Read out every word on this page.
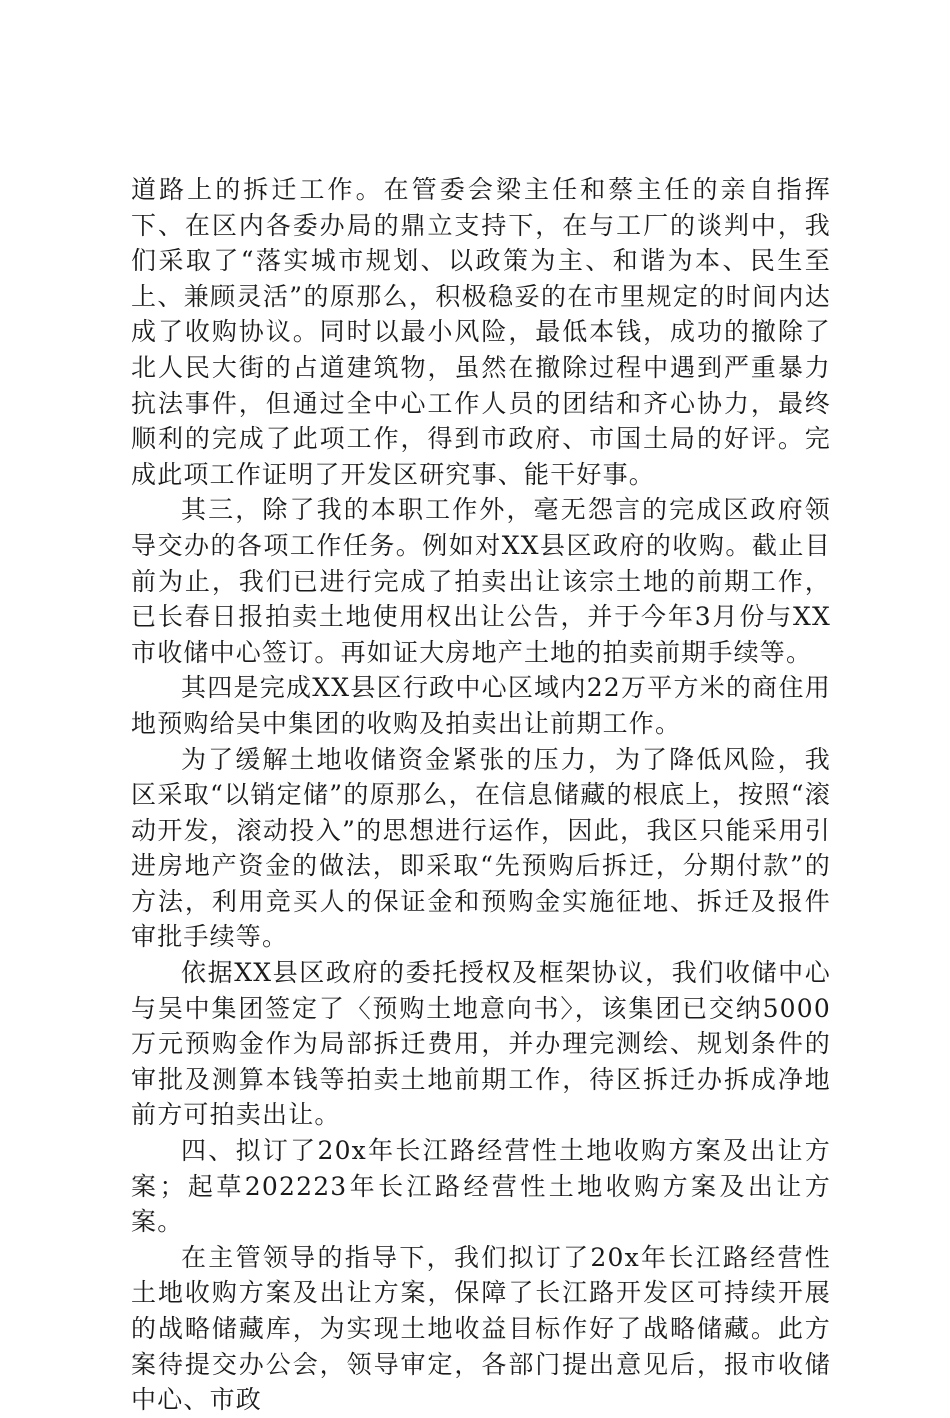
道路上的拆迁工作。在管委会梁主任和蔡主任的亲自指挥下、在区内各委办局的鼎立支持下，在与工厂的谈判中，我们采取了“落实城市规划、以政策为主、和谐为本、民生至上、兼顾灵活”的原那么，积极稳妥的在市里规定的时间内达成了收购协议。同时以最小风险，最低本钱，成功的撤除了北人民大街的占道建筑物，虽然在撤除过程中遇到严重暴力抗法事件，但通过全中心工作人员的团结和齐心协力，最终顺利的完成了此项工作，得到市政府、市国土局的好评。完成此项工作证明了开发区研究事、能干好事。

其三，除了我的本职工作外，毫无怨言的完成区政府领导交办的各项工作任务。例如对XX县区政府的收购。截止目前为止，我们已进行完成了拍卖出让该宗土地的前期工作，已长春日报拍卖土地使用权出让公告，并于今年3月份与XX市收储中心签订。再如证大房地产土地的拍卖前期手续等。

其四是完成XX县区行政中心区域内22万平方米的商住用地预购给吴中集团的收购及拍卖出让前期工作。

为了缓解土地收储资金紧张的压力，为了降低风险，我区采取“以销定储”的原那么，在信息储藏的根底上，按照“滚动开发，滚动投入”的思想进行运作，因此，我区只能采用引进房地产资金的做法，即采取“先预购后拆迁，分期付款”的方法，利用竞买人的保证金和预购金实施征地、拆迁及报件审批手续等。

依据XX县区政府的委托授权及框架协议，我们收储中心与吴中集团签定了〈预购土地意向书〉，该集团已交纳5000万元预购金作为局部拆迁费用，并办理完测绘、规划条件的审批及测算本钱等拍卖土地前期工作，待区拆迁办拆成净地前方可拍卖出让。

四、拟订了20x年长江路经营性土地收购方案及出让方案；起草202223年长江路经营性土地收购方案及出让方案。

在主管领导的指导下，我们拟订了20x年长江路经营性土地收购方案及出让方案，保障了长江路开发区可持续开展的战略储藏库，为实现土地收益目标作好了战略储藏。此方案待提交办公会，领导审定，各部门提出意见后，报市收储中心、市政
